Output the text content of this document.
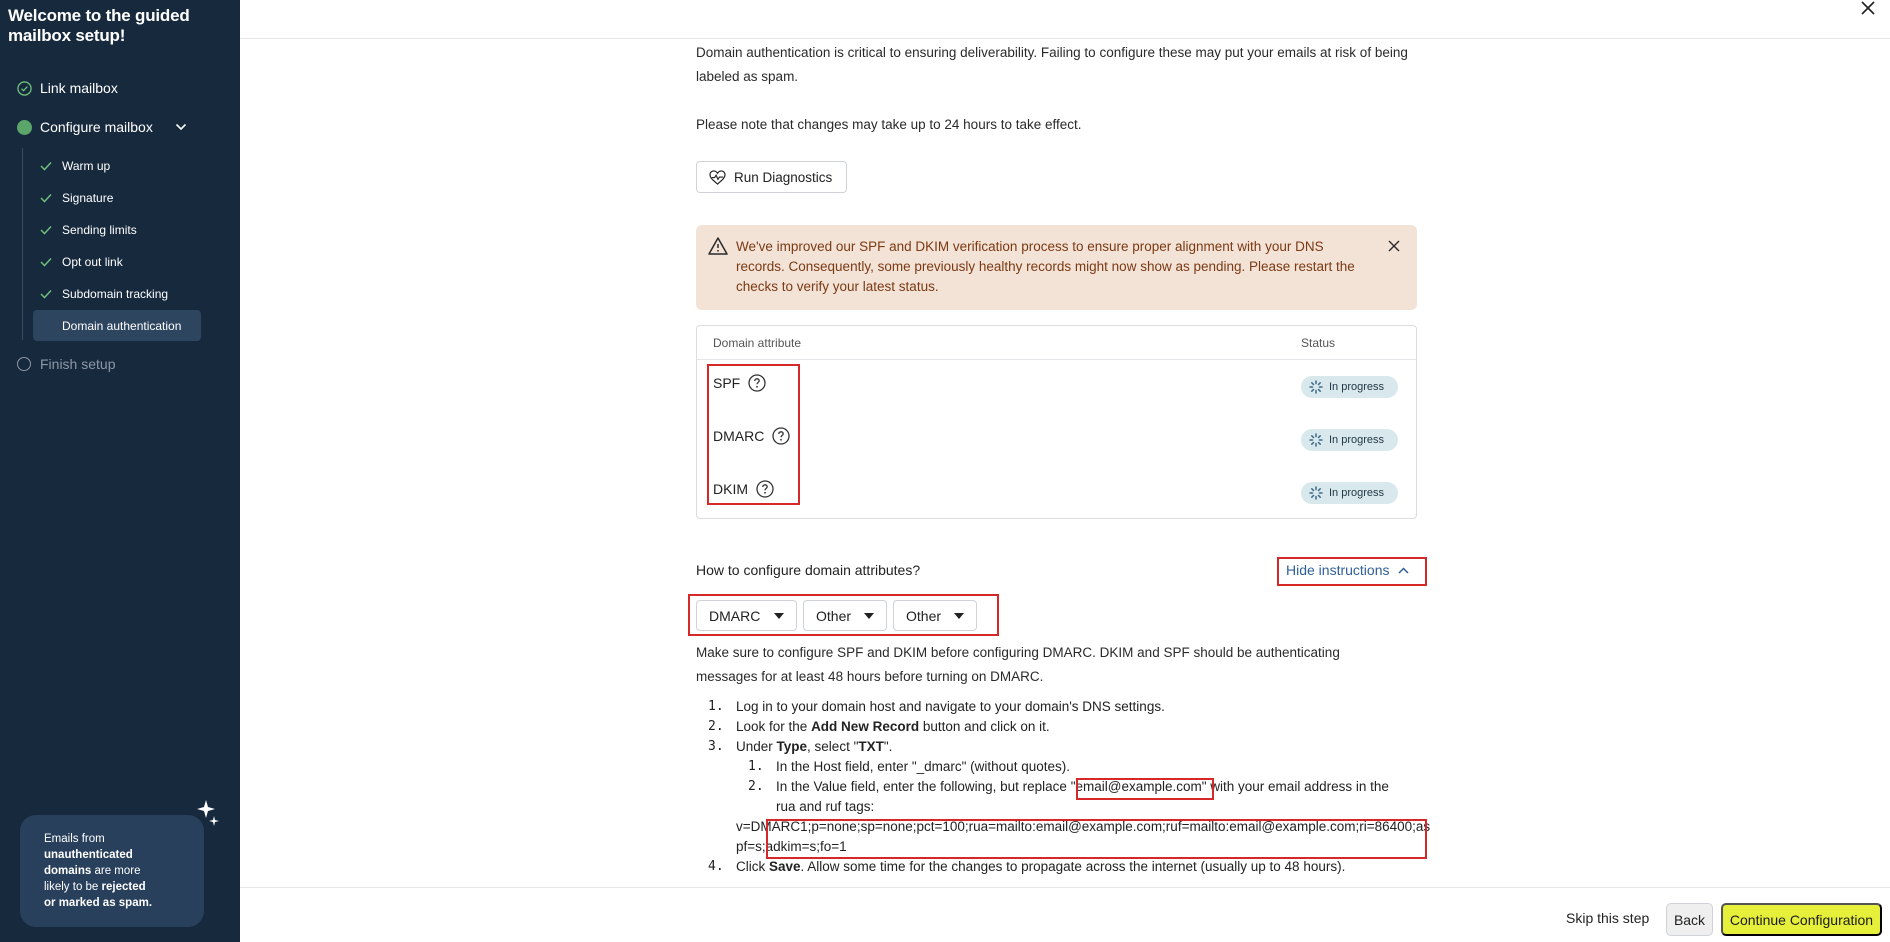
Welcome to the guided mailbox setup!
Link mailbox
Configure mailbox
Warm up
Signature
Sending limits
Opt out link
Subdomain tracking
Domain authentication
Finish setup
Emails from
unauthenticated
domains are more
likely to be rejected
or marked as spam.
Domain authentication is critical to ensuring deliverability. Failing to configure these may put your emails at risk of being
labeled as spam.
Please note that changes may take up to 24 hours to take effect.
Run Diagnostics
We've improved our SPF and DKIM verification process to ensure proper alignment with your DNS records. Consequently, some previously healthy records might now show as pending. Please restart the checks to verify your latest status.
Domain attribute	Status
SPF	In progress
DMARC	In progress
DKIM	In progress
How to configure domain attributes?	Hide instructions
DMARC	Other	Other
Make sure to configure SPF and DKIM before configuring DMARC. DKIM and SPF should be authenticating
messages for at least 48 hours before turning on DMARC.
1. Log in to your domain host and navigate to your domain's DNS settings.
2. Look for the Add New Record button and click on it.
3. Under Type, select "TXT".
1. In the Host field, enter "_dmarc" (without quotes).
2. In the Value field, enter the following, but replace "email@example.com" with your email address in the
rua and ruf tags:
v=DMARC1;p=none;sp=none;pct=100;rua=mailto:email@example.com;ruf=mailto:email@example.com;ri=86400;aspf=s;adkim=s;fo=1
4. Click Save. Allow some time for the changes to propagate across the internet (usually up to 48 hours).
Skip this step	Back	Continue Configuration
